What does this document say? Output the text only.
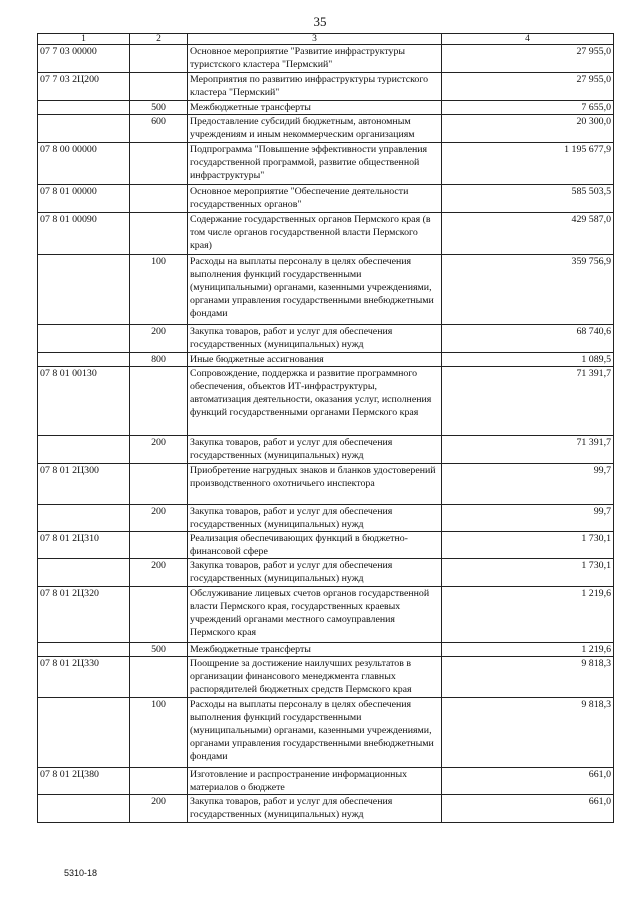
35
1	2	3	4
07 7 03 00000		Основное мероприятие "Развитие инфраструктуры туристского кластера "Пермский"	27 955,0
07 7 03 2Ц200		Мероприятия по развитию инфраструктуры туристского кластера "Пермский"	27 955,0
	500	Межбюджетные трансферты	7 655,0
	600	Предоставление субсидий бюджетным, автономным учреждениям и иным некоммерческим организациям	20 300,0
07 8 00 00000		Подпрограмма "Повышение эффективности управления государственной программой, развитие общественной инфраструктуры"	1 195 677,9
07 8 01 00000		Основное мероприятие "Обеспечение деятельности государственных органов"	585 503,5
07 8 01 00090		Содержание государственных органов Пермского края (в том числе органов государственной власти Пермского края)	429 587,0
	100	Расходы на выплаты персоналу в целях обеспечения выполнения функций государственными (муниципальными) органами, казенными учреждениями, органами управления государственными внебюджетными фондами	359 756,9
	200	Закупка товаров, работ и услуг для обеспечения государственных (муниципальных) нужд	68 740,6
	800	Иные бюджетные ассигнования	1 089,5
07 8 01 00130		Сопровождение, поддержка и развитие программного обеспечения, объектов ИТ-инфраструктуры, автоматизация деятельности, оказания услуг, исполнения функций государственными органами Пермского края	71 391,7
	200	Закупка товаров, работ и услуг для обеспечения государственных (муниципальных) нужд	71 391,7
07 8 01 2Ц300		Приобретение нагрудных знаков и бланков удостоверений производственного охотничьего инспектора	99,7
	200	Закупка товаров, работ и услуг для обеспечения государственных (муниципальных) нужд	99,7
07 8 01 2Ц310		Реализация обеспечивающих функций в бюджетно-финансовой сфере	1 730,1
	200	Закупка товаров, работ и услуг для обеспечения государственных (муниципальных) нужд	1 730,1
07 8 01 2Ц320		Обслуживание лицевых счетов органов государственной власти Пермского края, государственных краевых учреждений органами местного самоуправления Пермского края	1 219,6
	500	Межбюджетные трансферты	1 219,6
07 8 01 2Ц330		Поощрение за достижение наилучших результатов в организации финансового менеджмента главных распорядителей бюджетных средств Пермского края	9 818,3
	100	Расходы на выплаты персоналу в целях обеспечения выполнения функций государственными (муниципальными) органами, казенными учреждениями, органами управления государственными внебюджетными фондами	9 818,3
07 8 01 2Ц380		Изготовление и распространение информационных материалов о бюджете	661,0
	200	Закупка товаров, работ и услуг для обеспечения государственных (муниципальных) нужд	661,0
5310-18
